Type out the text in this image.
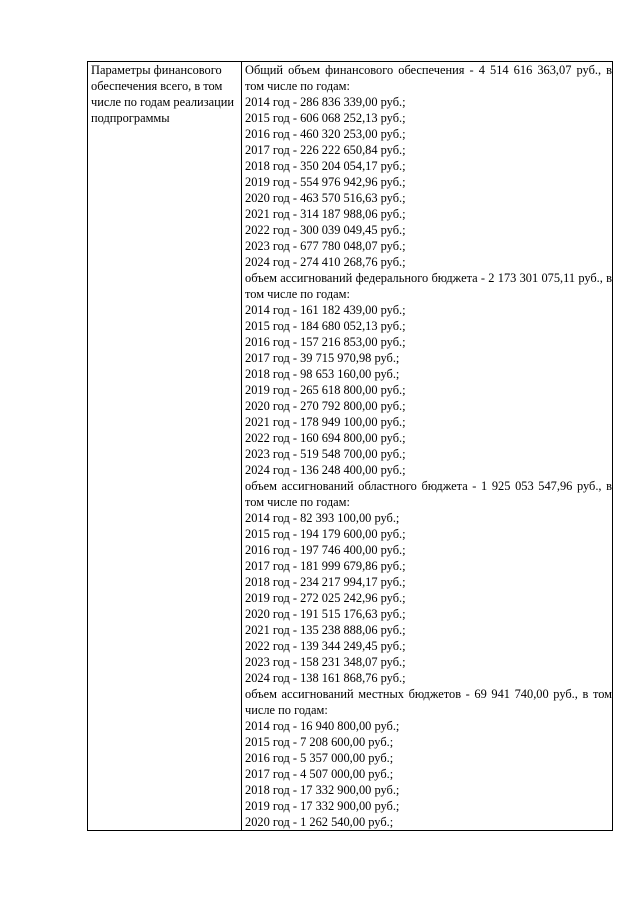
Параметры финансового обеспечения всего, в том числе по годам реализации подпрограммы

Общий объем финансового обеспечения - 4 514 616 363,07 руб., в том числе по годам:
2014 год - 286 836 339,00 руб.;
2015 год - 606 068 252,13 руб.;
2016 год - 460 320 253,00 руб.;
2017 год - 226 222 650,84 руб.;
2018 год - 350 204 054,17 руб.;
2019 год - 554 976 942,96 руб.;
2020 год - 463 570 516,63 руб.;
2021 год - 314 187 988,06 руб.;
2022 год - 300 039 049,45 руб.;
2023 год - 677 780 048,07 руб.;
2024 год - 274 410 268,76 руб.;
объем ассигнований федерального бюджета - 2 173 301 075,11 руб., в том числе по годам:
2014 год - 161 182 439,00 руб.;
2015 год - 184 680 052,13 руб.;
2016 год - 157 216 853,00 руб.;
2017 год - 39 715 970,98 руб.;
2018 год - 98 653 160,00 руб.;
2019 год - 265 618 800,00 руб.;
2020 год - 270 792 800,00 руб.;
2021 год - 178 949 100,00 руб.;
2022 год - 160 694 800,00 руб.;
2023 год - 519 548 700,00 руб.;
2024 год - 136 248 400,00 руб.;
объем ассигнований областного бюджета - 1 925 053 547,96 руб., в том числе по годам:
2014 год - 82 393 100,00 руб.;
2015 год - 194 179 600,00 руб.;
2016 год - 197 746 400,00 руб.;
2017 год - 181 999 679,86 руб.;
2018 год - 234 217 994,17 руб.;
2019 год - 272 025 242,96 руб.;
2020 год - 191 515 176,63 руб.;
2021 год - 135 238 888,06 руб.;
2022 год - 139 344 249,45 руб.;
2023 год - 158 231 348,07 руб.;
2024 год - 138 161 868,76 руб.;
объем ассигнований местных бюджетов - 69 941 740,00 руб., в том числе по годам:
2014 год - 16 940 800,00 руб.;
2015 год - 7 208 600,00 руб.;
2016 год - 5 357 000,00 руб.;
2017 год - 4 507 000,00 руб.;
2018 год - 17 332 900,00 руб.;
2019 год - 17 332 900,00 руб.;
2020 год - 1 262 540,00 руб.;
